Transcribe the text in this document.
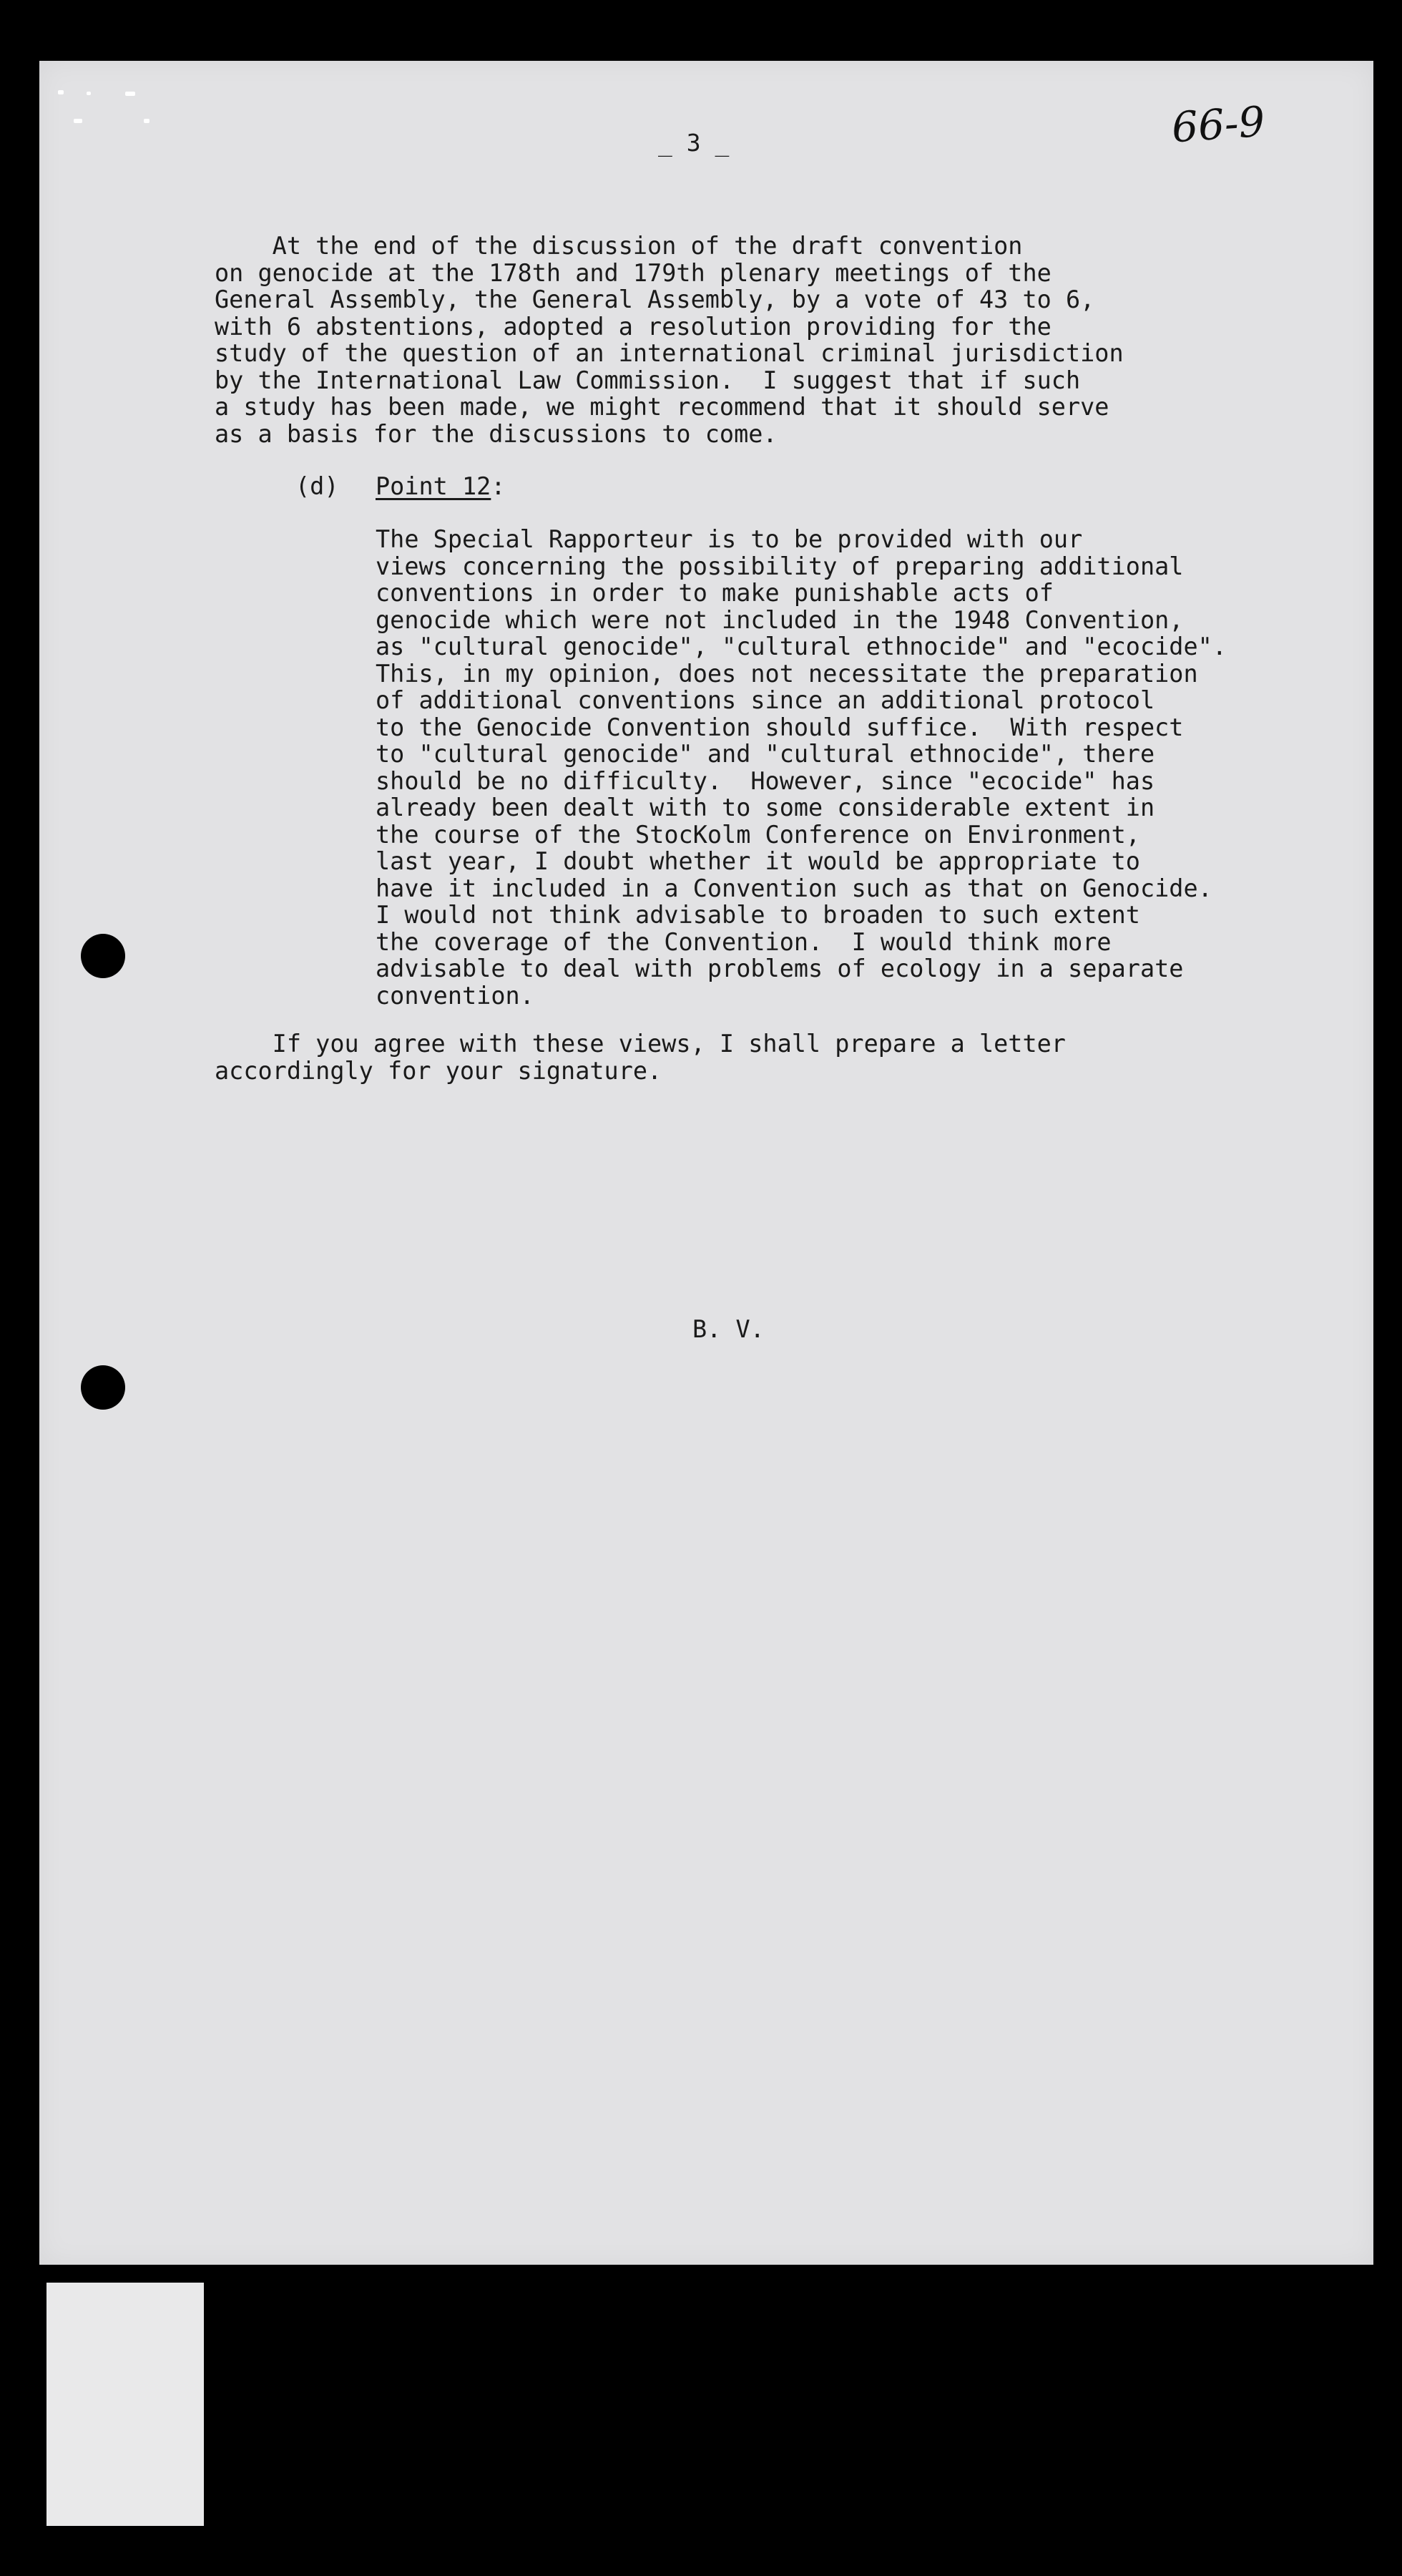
_ 3 _	66-9
At the end of the discussion of the draft convention
on genocide at the 178th and 179th plenary meetings of the
General Assembly, the General Assembly, by a vote of 43 to 6,
with 6 abstentions, adopted a resolution providing for the
study of the question of an international criminal jurisdiction
by the International Law Commission.  I suggest that if such
a study has been made, we might recommend that it should serve
as a basis for the discussions to come.
(d) Point 12:
The Special Rapporteur is to be provided with our
views concerning the possibility of preparing additional
conventions in order to make punishable acts of
genocide which were not included in the 1948 Convention,
as "cultural genocide", "cultural ethnocide" and "ecocide".
This, in my opinion, does not necessitate the preparation
of additional conventions since an additional protocol
to the Genocide Convention should suffice.  With respect
to "cultural genocide" and "cultural ethnocide", there
should be no difficulty.  However, since "ecocide" has
already been dealt with to some considerable extent in
the course of the StocKolm Conference on Environment,
last year, I doubt whether it would be appropriate to
have it included in a Convention such as that on Genocide.
I would not think advisable to broaden to such extent
the coverage of the Convention.  I would think more
advisable to deal with problems of ecology in a separate
convention.
If you agree with these views, I shall prepare a letter
accordingly for your signature.
B. V.
